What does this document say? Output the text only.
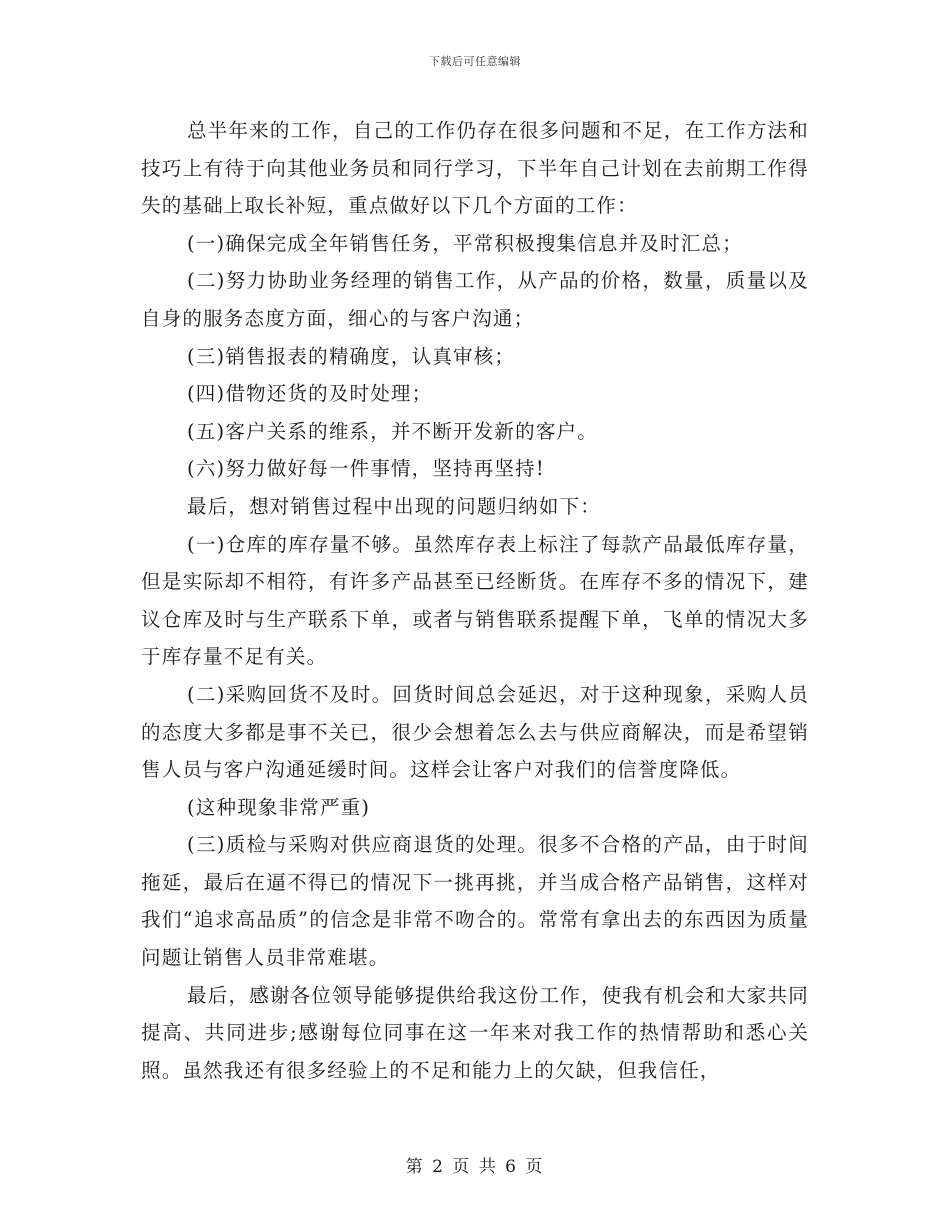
下载后可任意编辑

总半年来的工作，自己的工作仍存在很多问题和不足，在工作方法和技巧上有待于向其他业务员和同行学习，下半年自己计划在去前期工作得失的基础上取长补短，重点做好以下几个方面的工作：

(一)确保完成全年销售任务，平常积极搜集信息并及时汇总；

(二)努力协助业务经理的销售工作，从产品的价格，数量，质量以及自身的服务态度方面，细心的与客户沟通；

(三)销售报表的精确度，认真审核；

(四)借物还货的及时处理；

(五)客户关系的维系，并不断开发新的客户。

(六)努力做好每一件事情，坚持再坚持!

最后，想对销售过程中出现的问题归纳如下：

(一)仓库的库存量不够。虽然库存表上标注了每款产品最低库存量，但是实际却不相符，有许多产品甚至已经断货。在库存不多的情况下，建议仓库及时与生产联系下单，或者与销售联系提醒下单，飞单的情况大多于库存量不足有关。

(二)采购回货不及时。回货时间总会延迟，对于这种现象，采购人员的态度大多都是事不关已，很少会想着怎么去与供应商解决，而是希望销售人员与客户沟通延缓时间。这样会让客户对我们的信誉度降低。

(这种现象非常严重)

(三)质检与采购对供应商退货的处理。很多不合格的产品，由于时间拖延，最后在逼不得已的情况下一挑再挑，并当成合格产品销售，这样对我们“追求高品质”的信念是非常不吻合的。常常有拿出去的东西因为质量问题让销售人员非常难堪。

最后，感谢各位领导能够提供给我这份工作，使我有机会和大家共同提高、共同进步;感谢每位同事在这一年来对我工作的热情帮助和悉心关照。虽然我还有很多经验上的不足和能力上的欠缺，但我信任，

第 2 页 共 6 页
